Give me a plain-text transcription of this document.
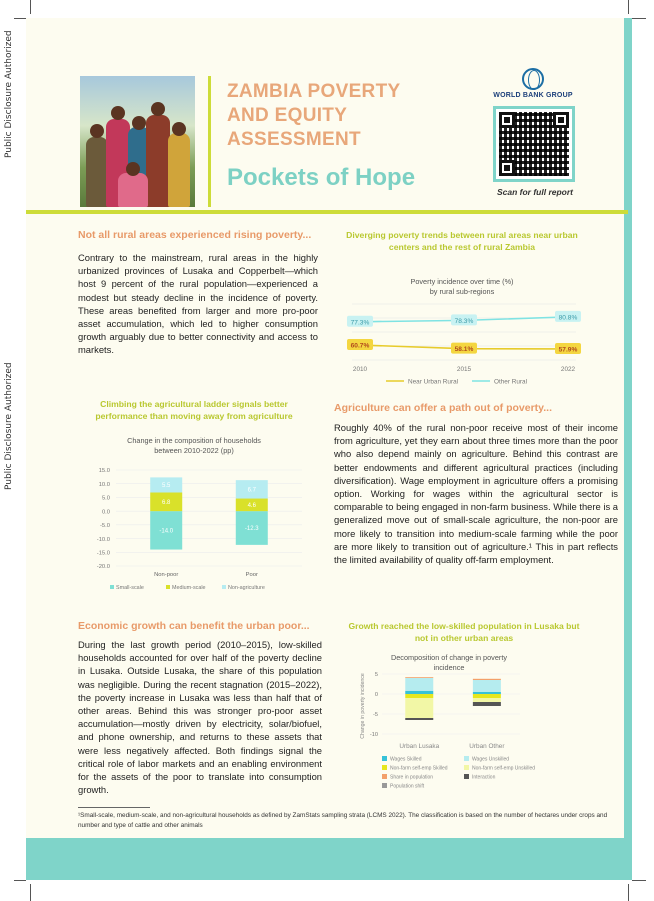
Public Disclosure Authorized
Public Disclosure Authorized
ZAMBIA POVERTY
AND EQUITY
ASSESSMENT
Pockets of Hope
WORLD BANK GROUP
Scan for full report
Not all rural areas experienced rising poverty...
Contrary to the mainstream, rural areas in the highly urbanized provinces of Lusaka and Copperbelt—which host 9 percent of the rural population—experienced a modest but steady decline in the incidence of poverty. These areas benefited from larger and more pro-poor asset accumulation, which led to higher consumption growth arguably due to better connectivity and access to markets.
Diverging poverty trends between rural areas near urban centers and the rest of rural Zambia
Poverty incidence over time (%)
by rural sub-regions
60.7%
58.1%	57.9%
77.3%	78.3%	80.8%
2010	2015	2022
Near Urban Rural	Other Rural
Climbing the agricultural ladder signals better performance than moving away from agriculture
Change in the composition of households
between 2010-2022 (pp)
15.0
10.0
5.0
0.0
-5.0
-10.0
-15.0
-20.0
-14.0
6.8
5.5
Non-poor
-12.3
4.6
6.7
Poor
Small-scale	Medium-scale	Non-agriculture
Agriculture can offer a path out of poverty...
Roughly 40% of the rural non-poor receive most of their income from agriculture, yet they earn about three times more than the poor who also depend mainly on agriculture. Behind this contrast are better endowments and different agricultural practices (including diversification). Wage employment in agriculture offers a promising option. Working for wages within the agricultural sector is comparable to being engaged in non-farm business. While there is a generalized move out of small-scale agriculture, the non-poor are more likely to transition into medium-scale farming while the poor are more likely to transition out of agriculture.¹ This in part reflects the limited availability of quality off-farm employment.
Economic growth can benefit the urban poor...
During the last growth period (2010–2015), low-skilled households accounted for over half of the poverty decline in Lusaka. Outside Lusaka, the share of this population was negligible. During the recent stagnation (2015–2022), the poverty increase in Lusaka was less than half that of other areas. Behind this was stronger pro-poor asset accumulation—mostly driven by electricity, solar/biofuel, and phone ownership, and returns to these assets that were less negatively affected. Both findings signal the critical role of labor markets and an enabling environment for the assets of the poor to translate into consumption growth.
Growth reached the low-skilled population in Lusaka but not in other urban areas
Decomposition of change in poverty
incidence
Change in poverty incidence 5
0
-5
-10
Urban Lusaka	Urban Other
Wages Skilled	Wages Unskilled
Non-farm self-emp Skilled	Non-farm self-emp Unskilled
Share in population	Interaction
Population shift
¹Small-scale, medium-scale, and non-agricultural households as defined by ZamStats sampling strata (LCMS 2022). The classification is based on the number of hectares under crops and number and type of cattle and other animals
